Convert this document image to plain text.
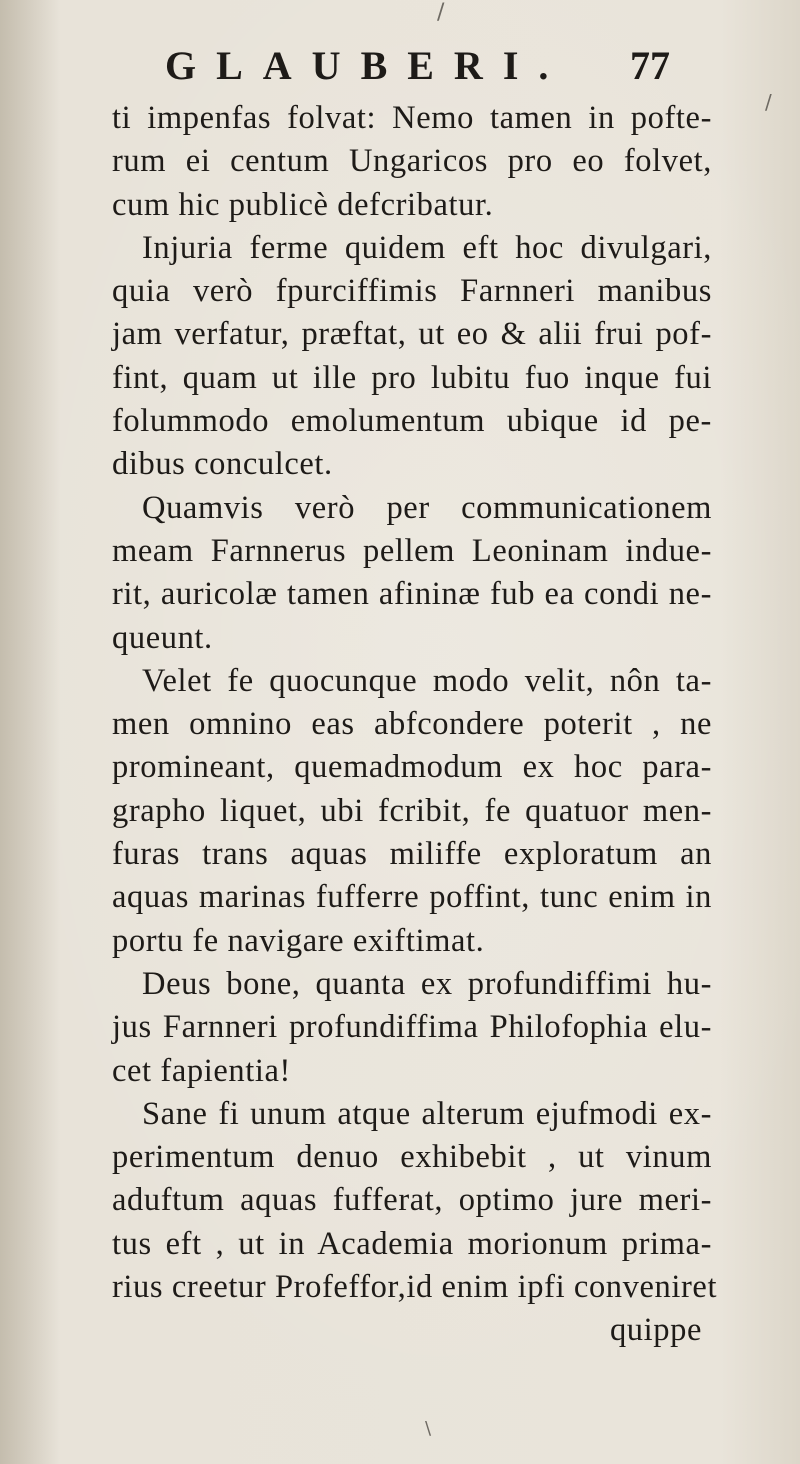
/
/
\
GLAUBERI. 77
ti impenfas folvat: Nemo tamen in pofte-
rum ei centum Ungaricos pro eo folvet,
cum hic publicè defcribatur.
Injuria ferme quidem eft hoc divulgari,
quia verò fpurciffimis Farnneri manibus
jam verfatur, præftat, ut eo & alii frui pof-
fint, quam ut ille pro lubitu fuo inque fui
folummodo emolumentum ubique id pe-
dibus conculcet.
Quamvis verò per communicationem
meam Farnnerus pellem Leoninam indue-
rit, auricolæ tamen afininæ fub ea condi ne-
queunt.
Velet fe quocunque modo velit, nôn ta-
men omnino eas abfcondere poterit , ne
promineant, quemadmodum ex hoc para-
grapho liquet, ubi fcribit, fe quatuor men-
furas trans aquas miliffe exploratum an
aquas marinas fufferre poffint, tunc enim in
portu fe navigare exiftimat.
Deus bone, quanta ex profundiffimi hu-
jus Farnneri profundiffima Philofophia elu-
cet fapientia!
Sane fi unum atque alterum ejufmodi ex-
perimentum denuo exhibebit , ut vinum
aduftum aquas fufferat, optimo jure meri-
tus eft , ut in Academia morionum prima-
rius creetur Profeffor,id enim ipfi conveniret
quippe
